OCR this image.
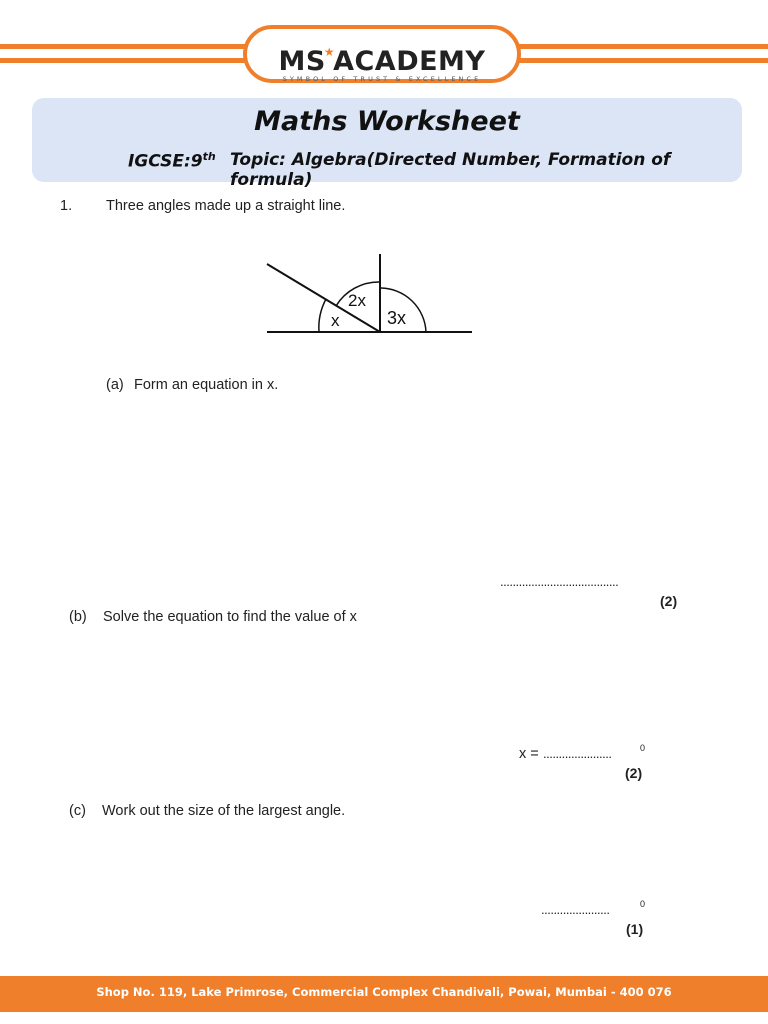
MS★ACADEMY
SYMBOL OF TRUST & EXCELLENCE
Maths Worksheet
IGCSE:9th Topic: Algebra(Directed Number, Formation of formula)
1. Three angles made up a straight line.
x
2x
3x
(a) Form an equation in x.
......................................
(2)
(b) Solve the equation to find the value of x
x = ......................	0
(2)
(c) Work out the size of the largest angle.
......................	0
(1)
Shop No. 119, Lake Primrose, Commercial Complex Chandivali, Powai, Mumbai - 400 076
